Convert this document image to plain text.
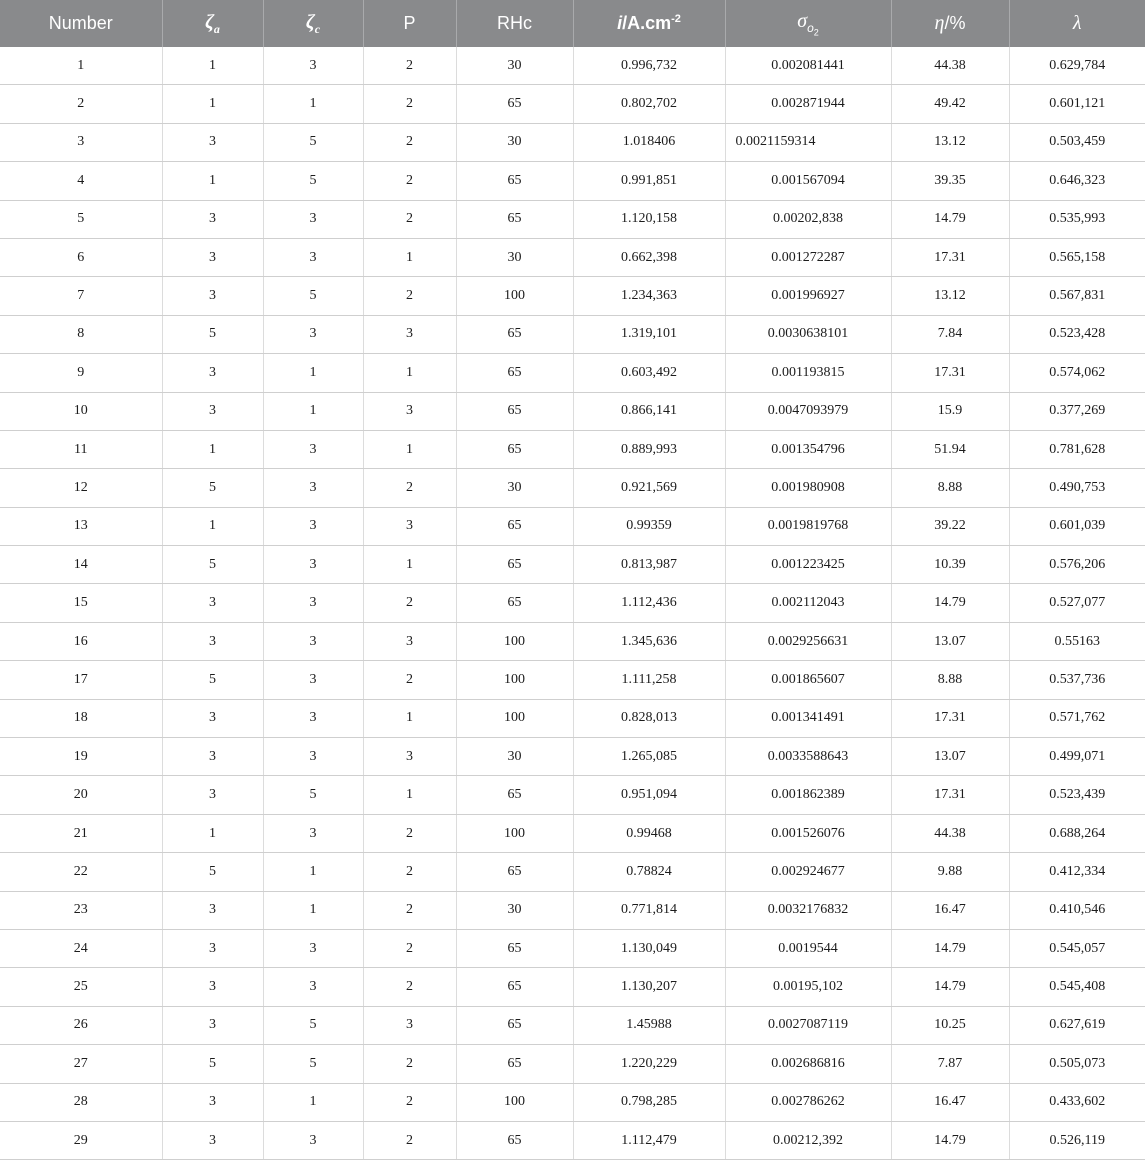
Number	$\zeta_a$	$\zeta_c$	P	RHc	$i/A.cm^{-2}$	$\sigma_{o_2}$	η/%	λ
1	1	3	2	30	0.996,732	0.002081441	44.38	0.629,784
2	1	1	2	65	0.802,702	0.002871944	49.42	0.601,121
3	3	5	2	30	1.018406	0.0021159314	13.12	0.503,459
4	1	5	2	65	0.991,851	0.001567094	39.35	0.646,323
5	3	3	2	65	1.120,158	0.00202,838	14.79	0.535,993
6	3	3	1	30	0.662,398	0.001272287	17.31	0.565,158
7	3	5	2	100	1.234,363	0.001996927	13.12	0.567,831
8	5	3	3	65	1.319,101	0.0030638101	7.84	0.523,428
9	3	1	1	65	0.603,492	0.001193815	17.31	0.574,062
10	3	1	3	65	0.866,141	0.0047093979	15.9	0.377,269
11	1	3	1	65	0.889,993	0.001354796	51.94	0.781,628
12	5	3	2	30	0.921,569	0.001980908	8.88	0.490,753
13	1	3	3	65	0.99359	0.0019819768	39.22	0.601,039
14	5	3	1	65	0.813,987	0.001223425	10.39	0.576,206
15	3	3	2	65	1.112,436	0.002112043	14.79	0.527,077
16	3	3	3	100	1.345,636	0.0029256631	13.07	0.55163
17	5	3	2	100	1.111,258	0.001865607	8.88	0.537,736
18	3	3	1	100	0.828,013	0.001341491	17.31	0.571,762
19	3	3	3	30	1.265,085	0.0033588643	13.07	0.499,071
20	3	5	1	65	0.951,094	0.001862389	17.31	0.523,439
21	1	3	2	100	0.99468	0.001526076	44.38	0.688,264
22	5	1	2	65	0.78824	0.002924677	9.88	0.412,334
23	3	1	2	30	0.771,814	0.0032176832	16.47	0.410,546
24	3	3	2	65	1.130,049	0.0019544	14.79	0.545,057
25	3	3	2	65	1.130,207	0.00195,102	14.79	0.545,408
26	3	5	3	65	1.45988	0.0027087119	10.25	0.627,619
27	5	5	2	65	1.220,229	0.002686816	7.87	0.505,073
28	3	1	2	100	0.798,285	0.002786262	16.47	0.433,602
29	3	3	2	65	1.112,479	0.00212,392	14.79	0.526,119
